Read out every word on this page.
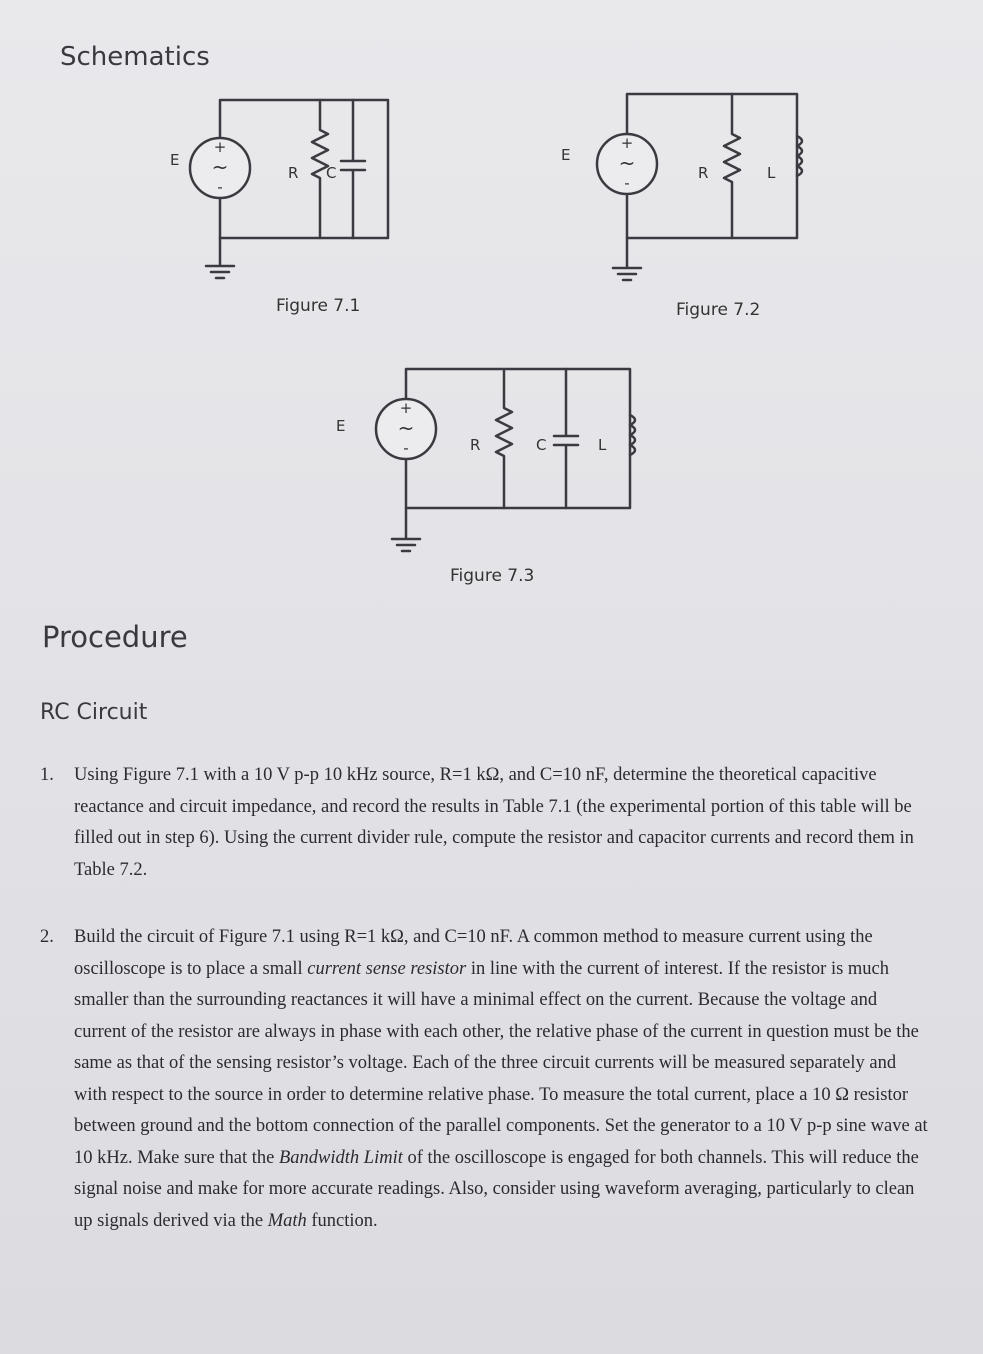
Schematics
+
~
-
E
R C
Figure 7.1
+
~
-
E
R	L
Figure 7.2
+
~
-
E
R	C	L
Figure 7.3
Procedure
RC Circuit
1.	Using Figure 7.1 with a 10 V p-p 10 kHz source, R=1 kΩ, and C=10 nF, determine the theoretical capacitive reactance and circuit impedance, and record the results in Table 7.1 (the experimental portion of this table will be filled out in step 6). Using the current divider rule, compute the resistor and capacitor currents and record them in Table 7.2.
2.	Build the circuit of Figure 7.1 using R=1 kΩ, and C=10 nF. A common method to measure current using the oscilloscope is to place a small current sense resistor in line with the current of interest. If the resistor is much smaller than the surrounding reactances it will have a minimal effect on the current. Because the voltage and current of the resistor are always in phase with each other, the relative phase of the current in question must be the same as that of the sensing resistor’s voltage. Each of the three circuit currents will be measured separately and with respect to the source in order to determine relative phase. To measure the total current, place a 10 Ω resistor between ground and the bottom connection of the parallel components. Set the generator to a 10 V p-p sine wave at 10 kHz. Make sure that the Bandwidth Limit of the oscilloscope is engaged for both channels. This will reduce the signal noise and make for more accurate readings. Also, consider using waveform averaging, particularly to clean up signals derived via the Math function.
